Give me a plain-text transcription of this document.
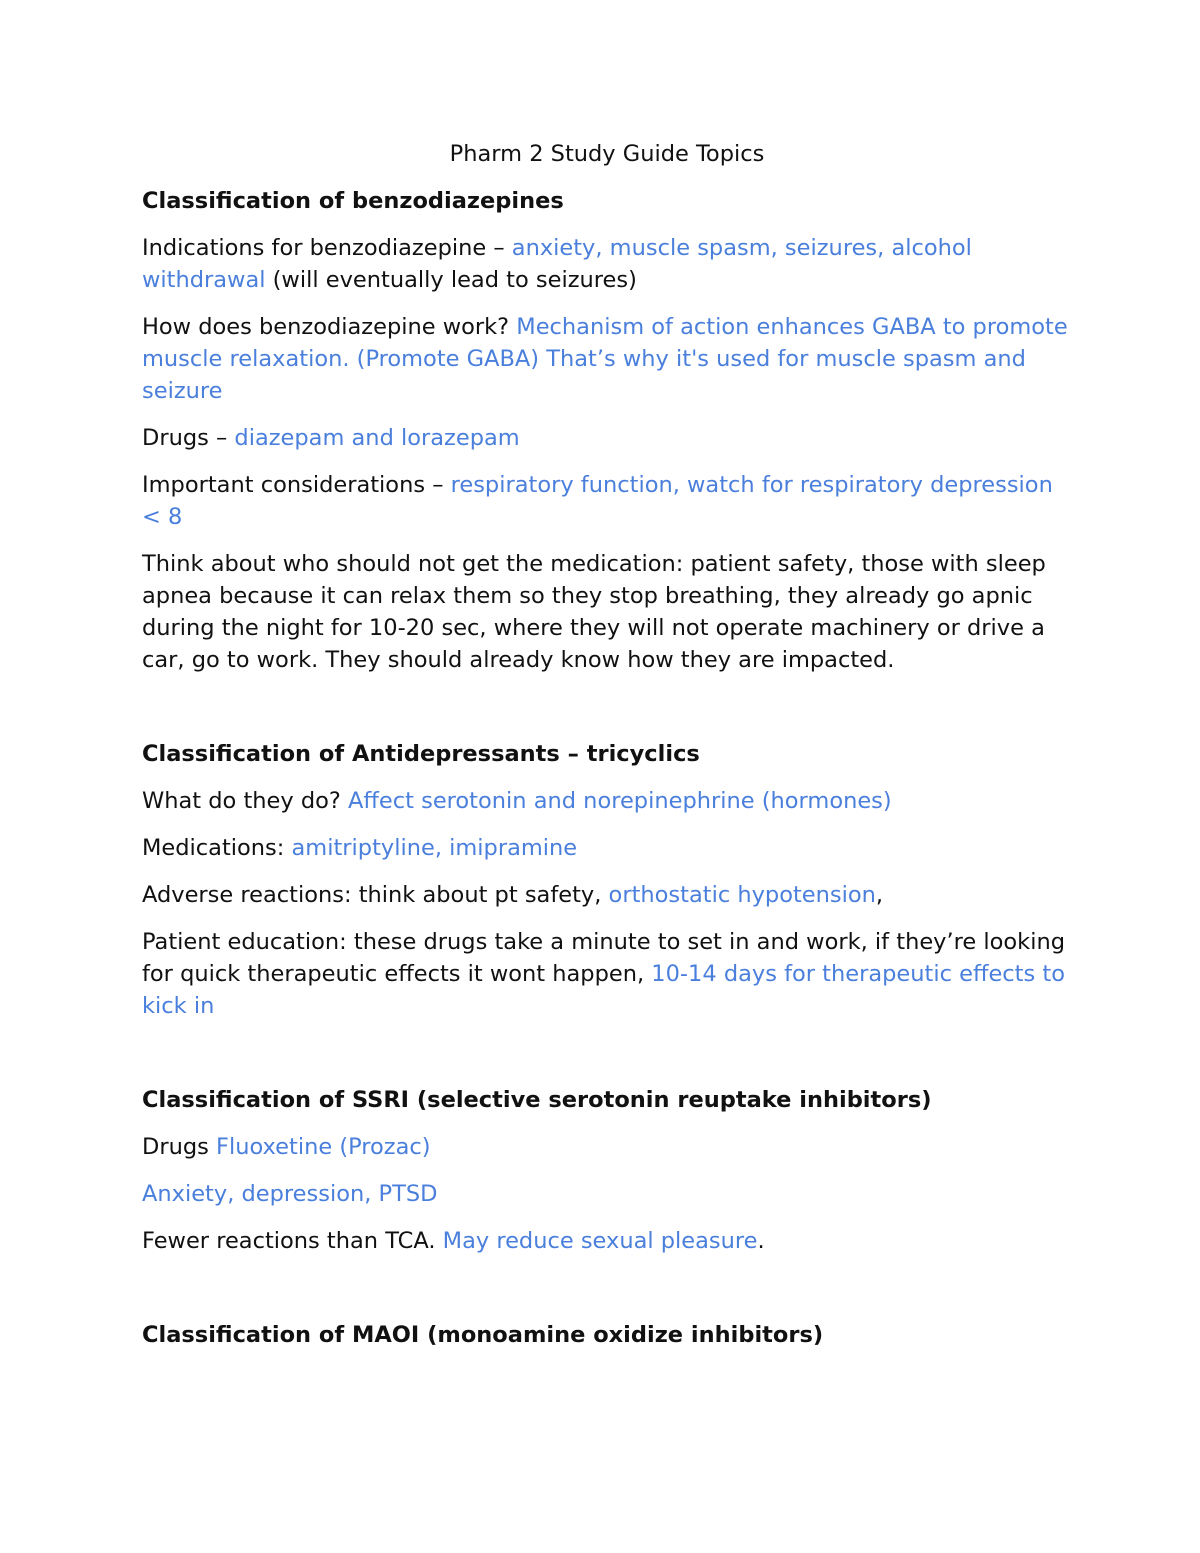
Pharm 2 Study Guide Topics
Classification of benzodiazepines

Indications for benzodiazepine – anxiety, muscle spasm, seizures, alcohol withdrawal (will eventually lead to seizures)

How does benzodiazepine work? Mechanism of action enhances GABA to promote muscle relaxation. (Promote GABA) That’s why it's used for muscle spasm and seizure

Drugs – diazepam and lorazepam

Important considerations – respiratory function, watch for respiratory depression < 8

Think about who should not get the medication: patient safety, those with sleep apnea because it can relax them so they stop breathing, they already go apnic during the night for 10-20 sec, where they will not operate machinery or drive a car, go to work. They should already know how they are impacted.

Classification of Antidepressants – tricyclics

What do they do? Affect serotonin and norepinephrine (hormones)

Medications: amitriptyline, imipramine

Adverse reactions: think about pt safety, orthostatic hypotension,

Patient education: these drugs take a minute to set in and work, if they’re looking for quick therapeutic effects it wont happen, 10-14 days for therapeutic effects to kick in

Classification of SSRI (selective serotonin reuptake inhibitors)

Drugs Fluoxetine (Prozac)

Anxiety, depression, PTSD

Fewer reactions than TCA. May reduce sexual pleasure.

Classification of MAOI (monoamine oxidize inhibitors)
